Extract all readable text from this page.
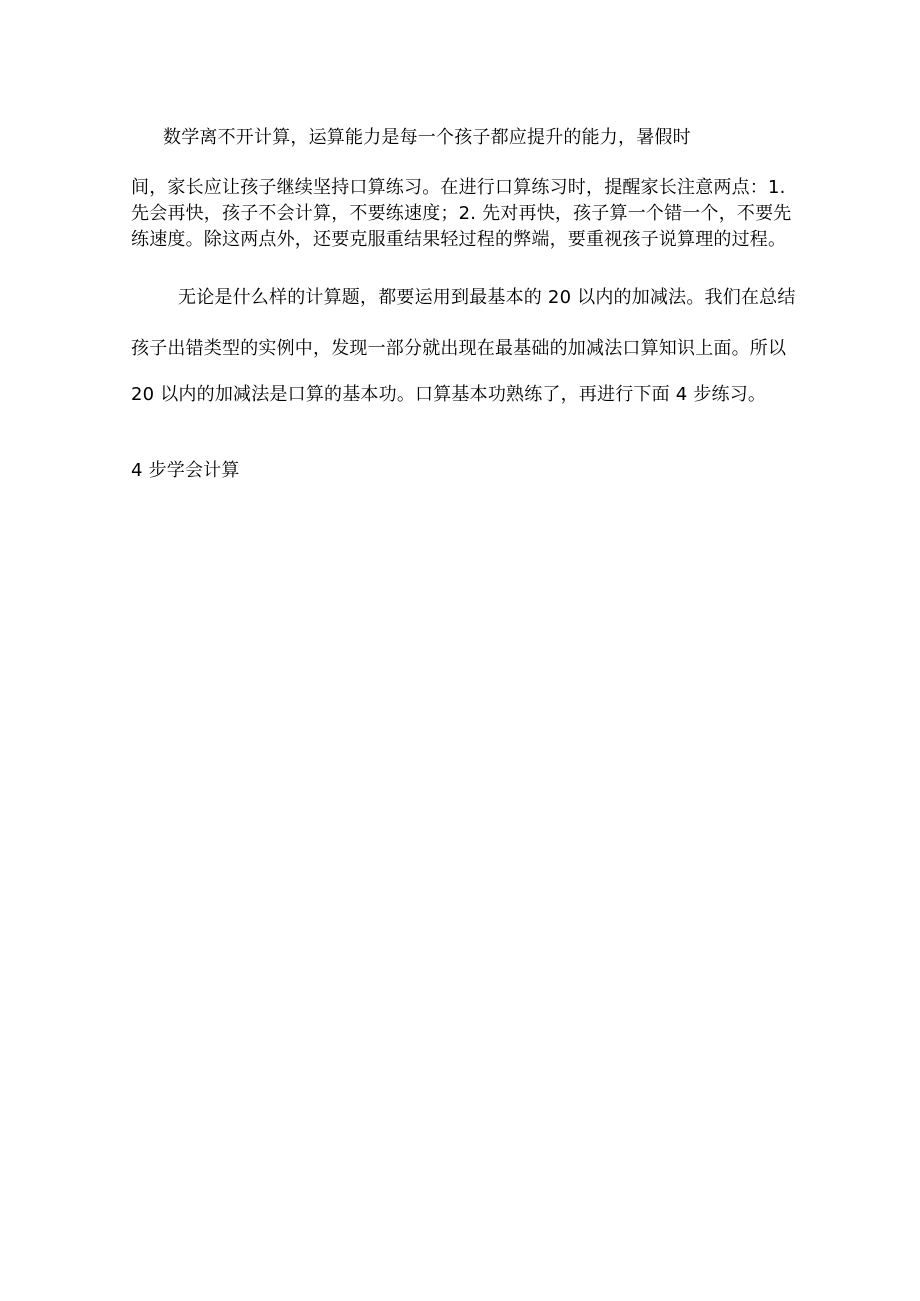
数学离不开计算，运算能力是每一个孩子都应提升的能力，暑假时
间，家长应让孩子继续坚持口算练习。在进行口算练习时，提醒家长注意两点：1.
先会再快，孩子不会计算，不要练速度；2. 先对再快，孩子算一个错一个，不要先
练速度。除这两点外，还要克服重结果轻过程的弊端，要重视孩子说算理的过程。
无论是什么样的计算题，都要运用到最基本的 20 以内的加减法。我们在总结
孩子出错类型的实例中，发现一部分就出现在最基础的加减法口算知识上面。所以
20 以内的加减法是口算的基本功。口算基本功熟练了，再进行下面 4 步练习。
4 步学会计算
